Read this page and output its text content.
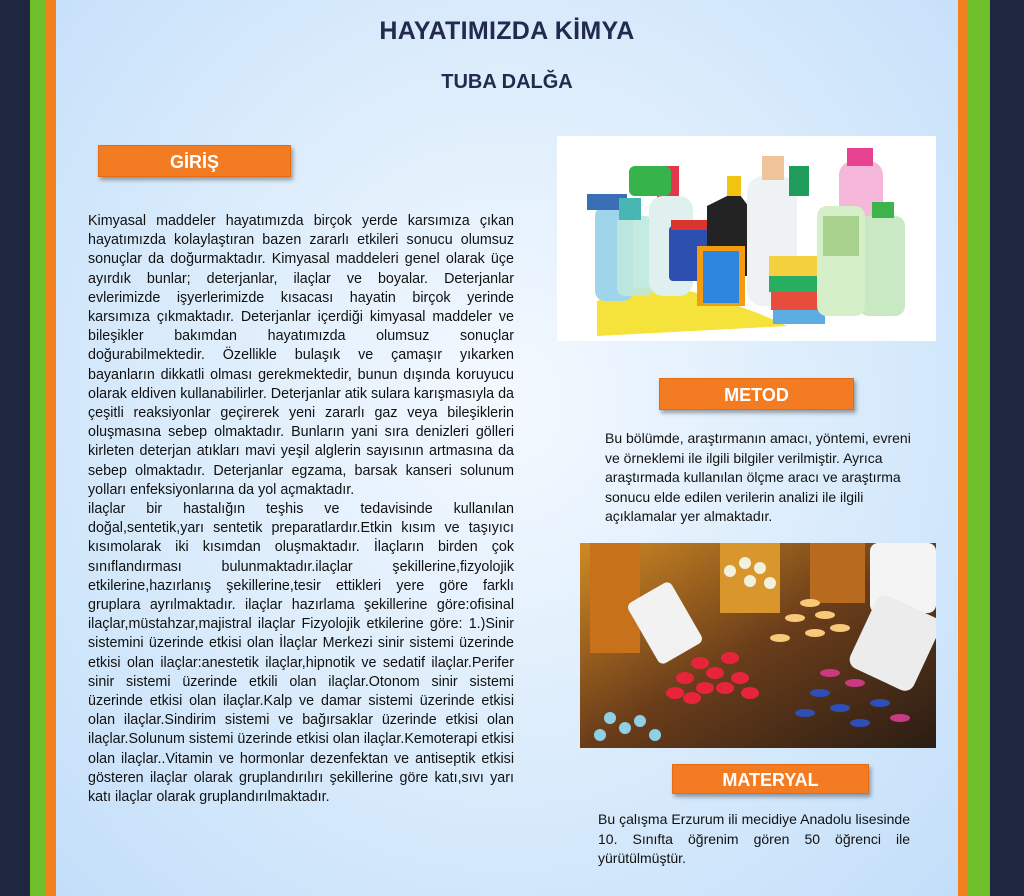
HAYATIMIZDA KİMYA
TUBA DALĞA
GİRİŞ

Kimyasal maddeler hayatımızda birçok yerde karsımıza çıkan hayatımızda kolaylaştıran bazen zararlı etkileri sonucu olumsuz sonuçlar da doğurmaktadır. Kimyasal maddeleri genel olarak üçe ayırdık bunlar; deterjanlar, ilaçlar ve boyalar. Deterjanlar evlerimizde işyerlerimizde kısacası hayatin birçok yerinde karsımıza çıkmaktadır. Deterjanlar içerdiği kimyasal maddeler ve bileşikler bakımdan hayatımızda olumsuz sonuçlar doğurabilmektedir. Özellikle bulaşık ve çamaşır yıkarken bayanların dikkatli olması gerekmektedir, bunun dışında koruyucu olarak eldiven kullanabilirler. Deterjanlar atik sulara karışmasıyla da çeşitli reaksiyonlar geçirerek yeni zararlı gaz veya bileşiklerin oluşmasına sebep olmaktadır. Bunların yani sıra denizleri gölleri kirleten deterjan atıkları mavi yeşil alglerin sayısının artmasına da sebep olmaktadır. Deterjanlar egzama, barsak kanseri solunum yolları enfeksiyonlarına da yol açmaktadır.

ilaçlar bir hastalığın teşhis ve tedavisinde kullanılan doğal,sentetik,yarı sentetik preparatlardır.Etkin kısım ve taşıyıcı kısımolarak iki kısımdan oluşmaktadır. İlaçların birden çok sınıflandırması bulunmaktadır.ilaçlar şekillerine,fizyolojik etkilerine,hazırlanış şekillerine,tesir ettikleri yere göre farklı gruplara ayrılmaktadır. ilaçlar hazırlama şekillerine göre:ofisinal ilaçlar,müstahzar,majistral ilaçlar Fizyolojik etkilerine göre: 1.)Sinir sistemini üzerinde etkisi olan İlaçlar Merkezi sinir sistemi üzerinde etkisi olan ilaçlar:anestetik ilaçlar,hipnotik ve sedatif ilaçlar.Perifer sinir sistemi üzerinde etkili olan ilaçlar.Otonom sinir sistemi üzerinde etkisi olan ilaçlar.Kalp ve damar sistemi üzerinde etkisi olan ilaçlar.Sindirim sistemi ve bağırsaklar üzerinde etkisi olan ilaçlar.Solunum sistemi üzerinde etkisi olan ilaçlar.Kemoterapi etkisi olan ilaçlar..Vitamin ve hormonlar dezenfektan ve antiseptik etkisi gösteren ilaçlar olarak gruplandırılırı şekillerine göre katı,sıvı yarı katı ilaçlar olarak gruplandırılmaktadır.

METOD
Bu bölümde, araştırmanın amacı, yöntemi, evreni ve örneklemi ile ilgili bilgiler verilmiştir. Ayrıca araştırmada kullanılan ölçme aracı ve araştırma sonucu elde edilen verilerin analizi ile ilgili açıklamalar yer almaktadır.
MATERYAL
Bu çalışma Erzurum ili mecidiye Anadolu lisesinde 10. Sınıfta öğrenim gören 50 öğrenci ile yürütülmüştür.
